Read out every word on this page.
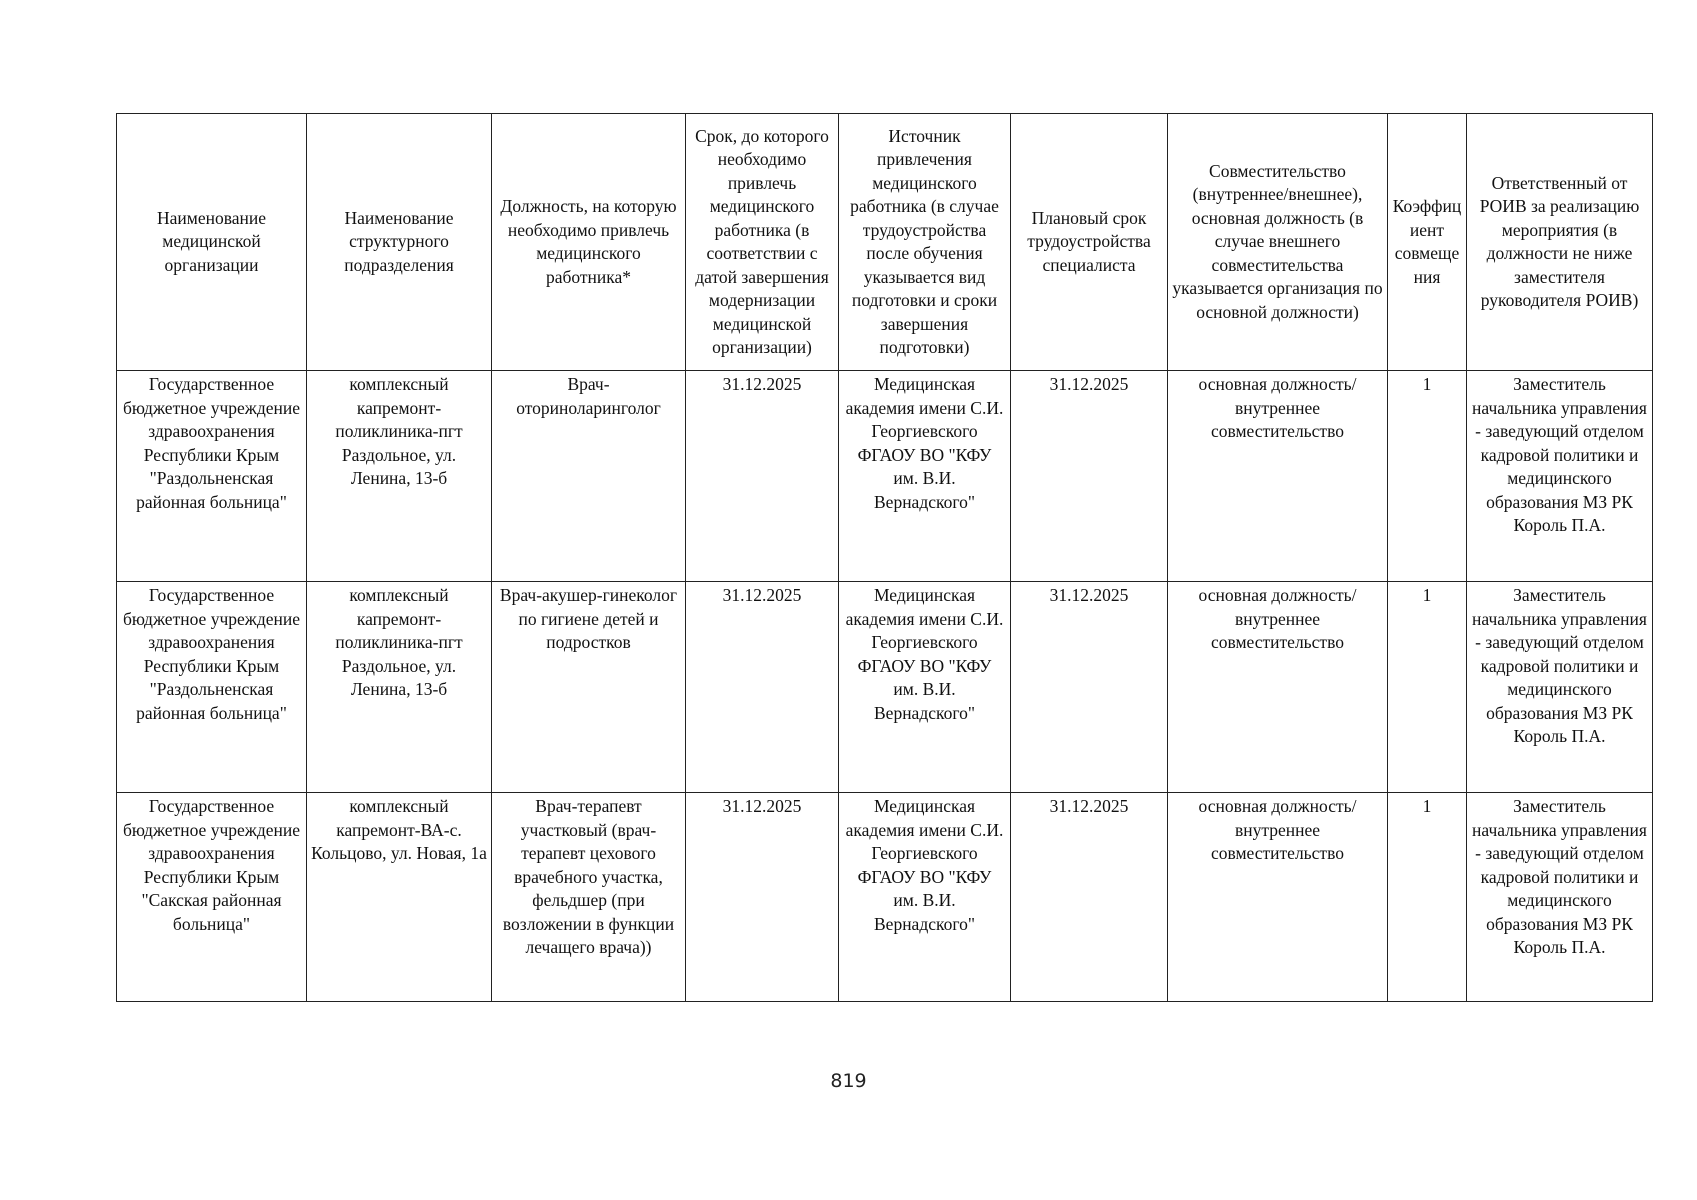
Наименование медицинской организации	Наименование структурного подразделения	Должность, на которую необходимо привлечь медицинского работника*	Срок, до которого необходимо привлечь медицинского работника (в соответствии с датой завершения модернизации медицинской организации)	Источник привлечения медицинского работника (в случае трудоустройства после обучения указывается вид подготовки и сроки завершения подготовки)	Плановый срок трудоустройства специалиста	Совместительство (внутреннее/внешнее), основная должность (в случае внешнего совместительства указывается организация по основной должности)	Коэффициент совмещения	Ответственный от РОИВ за реализацию мероприятия (в должности не ниже заместителя руководителя РОИВ)
Государственное бюджетное учреждение здравоохранения Республики Крым "Раздольненская районная больница"	комплексный капремонт-поликлиника-пгт Раздольное, ул. Ленина, 13-б	Врач-оториноларинголог	31.12.2025	Медицинская академия имени С.И. Георгиевского ФГАОУ ВО "КФУ им. В.И. Вернадского"	31.12.2025	основная должность/ внутреннее совместительство	1	Заместитель начальника управления - заведующий отделом кадровой политики и медицинского образования МЗ РК Король П.А.
Государственное бюджетное учреждение здравоохранения Республики Крым "Раздольненская районная больница"	комплексный капремонт-поликлиника-пгт Раздольное, ул. Ленина, 13-б	Врач-акушер-гинеколог по гигиене детей и подростков	31.12.2025	Медицинская академия имени С.И. Георгиевского ФГАОУ ВО "КФУ им. В.И. Вернадского"	31.12.2025	основная должность/ внутреннее совместительство	1	Заместитель начальника управления - заведующий отделом кадровой политики и медицинского образования МЗ РК Король П.А.
Государственное бюджетное учреждение здравоохранения Республики Крым "Сакская районная больница"	комплексный капремонт-ВА-с. Кольцово, ул. Новая, 1а	Врач-терапевт участковый (врач-терапевт цехового врачебного участка, фельдшер (при возложении в функции лечащего врача))	31.12.2025	Медицинская академия имени С.И. Георгиевского ФГАОУ ВО "КФУ им. В.И. Вернадского"	31.12.2025	основная должность/ внутреннее совместительство	1	Заместитель начальника управления - заведующий отделом кадровой политики и медицинского образования МЗ РК Король П.А.
819
